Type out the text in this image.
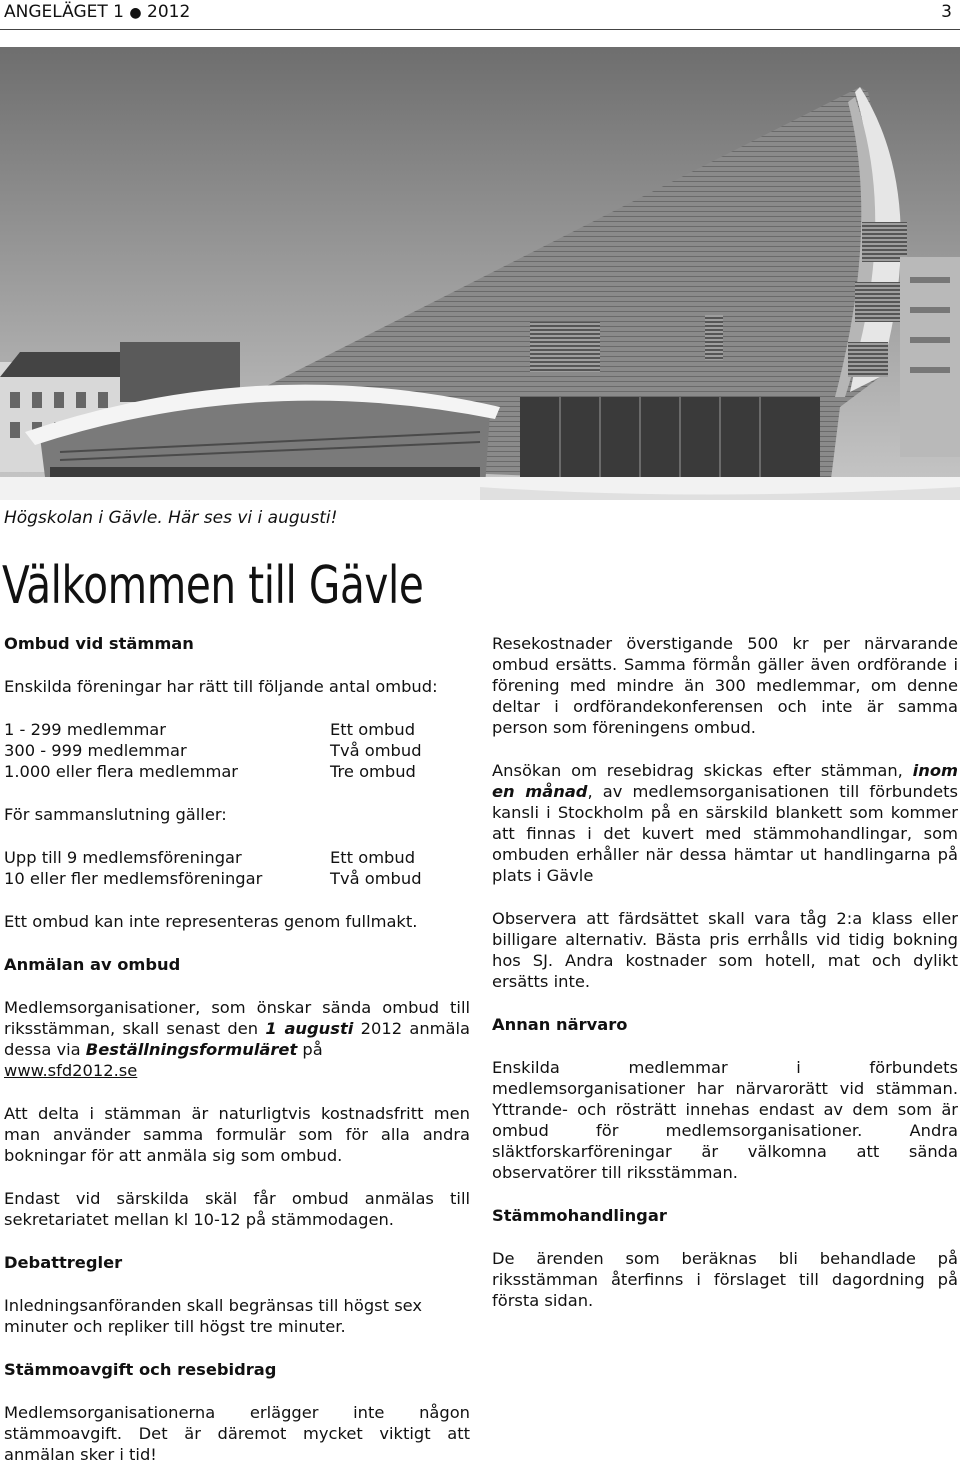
ANGELÄGET 1 ● 2012	3
Högskolan i Gävle. Här ses vi i augusti!
Välkommen till Gävle
Ombud vid stämman

Enskilda föreningar har rätt till följande antal ombud:

1 - 299 medlemmar	Ett ombud
300 - 999 medlemmar	Två ombud
1.000 eller flera medlemmar	Tre ombud

För sammanslutning gäller:

Upp till 9 medlemsföreningar	Ett ombud
10 eller fler medlemsföreningar	Två ombud

Ett ombud kan inte representeras genom fullmakt.

Anmälan av ombud

Medlemsorganisationer, som önskar sända ombud till riksstämman, skall senast den 1 augusti 2012 anmäla dessa via Beställningsformuläret på
www.sfd2012.se

Att delta i stämman är naturligtvis kostnadsfritt men man använder samma formulär som för alla andra bokningar för att anmäla sig som ombud.

Endast vid särskilda skäl får ombud anmälas till sekretariatet mellan kl 10-12 på stämmodagen.

Debattregler

Inledningsanföranden skall begränsas till högst sex minuter och repliker till högst tre minuter.

Stämmoavgift och resebidrag

Medlemsorganisationerna erlägger inte någon stämmoavgift. Det är däremot mycket viktigt att anmälan sker i tid!

Resekostnader överstigande 500 kr per närvarande ombud ersätts. Samma förmån gäller även ordförande i förening med mindre än 300 medlemmar, om denne deltar i ordförandekonferensen och inte är samma person som föreningens ombud.

Ansökan om resebidrag skickas efter stämman, inom en månad, av medlemsorganisationen till förbundets kansli i Stockholm på en särskild blankett som kommer att finnas i det kuvert med stämmohandlingar, som ombuden erhåller när dessa hämtar ut handlingarna på plats i Gävle

Observera att färdsättet skall vara tåg 2:a klass eller billigare alternativ. Bästa pris errhålls vid tidig bokning hos SJ. Andra kostnader som hotell, mat och dylikt ersätts inte.

Annan närvaro

Enskilda medlemmar i förbundets medlemsorganisationer har närvarorätt vid stämman. Yttrande- och rösträtt innehas endast av dem som är ombud för medlemsorganisationer. Andra släktforskarföreningar är välkomna att sända observatörer till riksstämman.

Stämmohandlingar

De ärenden som beräknas bli behandlade på riksstämman återfinns i förslaget till dagordning på första sidan.
